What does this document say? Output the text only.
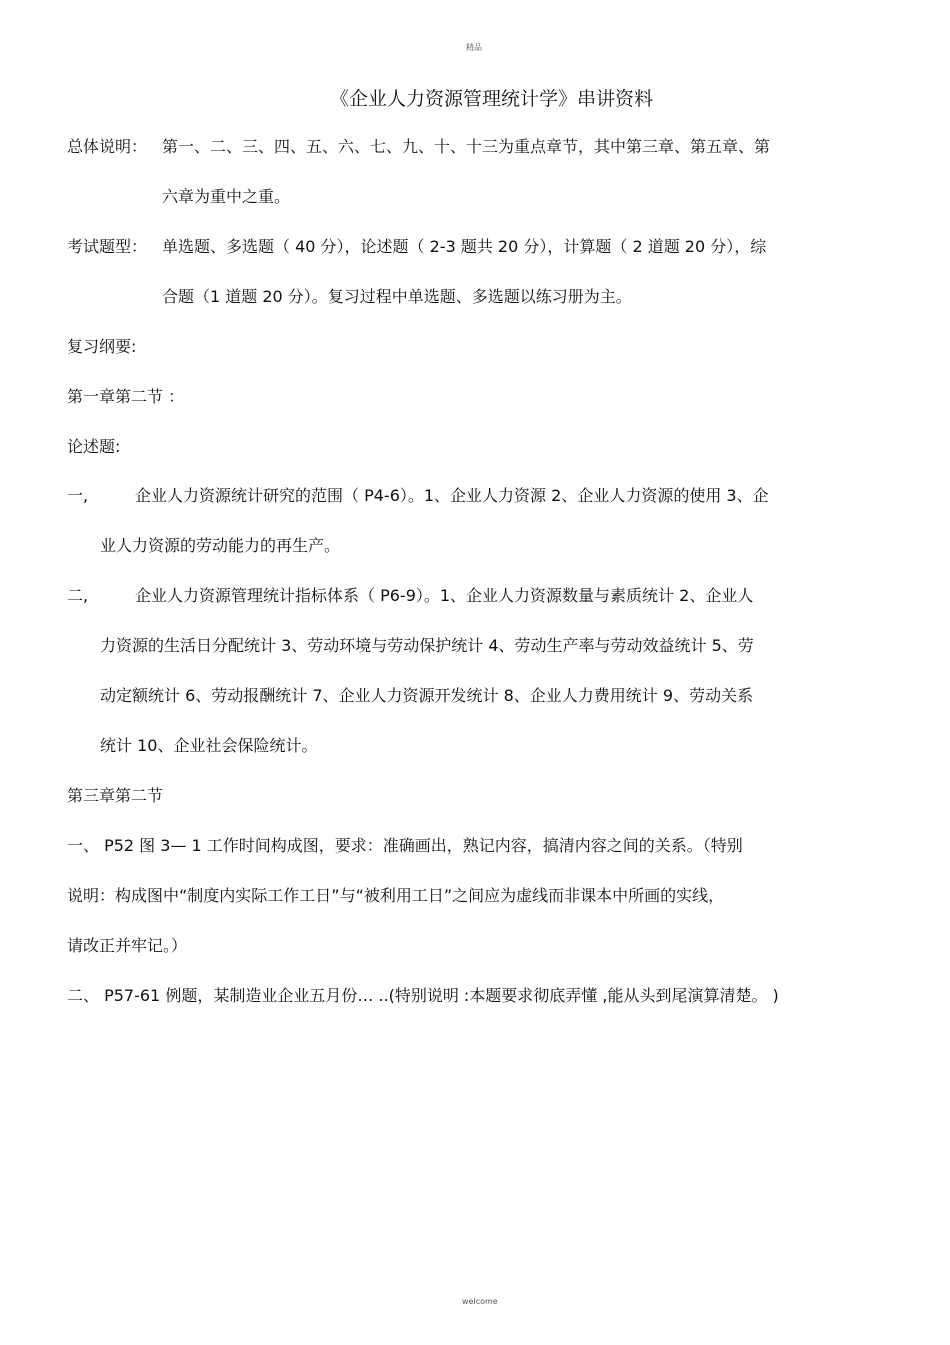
精品
《企业人力资源管理统计学》串讲资料
总体说明： 第一、二、三、四、五、六、七、九、十、十三为重点章节，其中第三章、第五章、第
六章为重中之重。
考试题型： 单选题、多选题（ 40 分），论述题（ 2-3 题共 20 分），计算题（ 2 道题 20 分），综
合题（1 道题 20 分）。复习过程中单选题、多选题以练习册为主。
复习纲要:
第一章第二节 ：
论述题:
一,	企业人力资源统计研究的范围（ P4-6）。1、企业人力资源 2、企业人力资源的使用 3、企
业人力资源的劳动能力的再生产。
二,	企业人力资源管理统计指标体系（ P6-9）。1、企业人力资源数量与素质统计 2、企业人
力资源的生活日分配统计 3、劳动环境与劳动保护统计 4、劳动生产率与劳动效益统计 5、劳
动定额统计 6、劳动报酬统计 7、企业人力资源开发统计 8、企业人力费用统计 9、劳动关系
统计 10、企业社会保险统计。
第三章第二节
一、 P52 图 3— 1 工作时间构成图，要求：准确画出，熟记内容，搞清内容之间的关系。（特别
说明：构成图中“制度内实际工作工日”与“被利用工日”之间应为虚线而非课本中所画的实线，
请改正并牢记。）
二、 P57-61 例题，某制造业企业五月份… ..(特别说明 :本题要求彻底弄懂 ,能从头到尾演算清楚。 )
welcome
